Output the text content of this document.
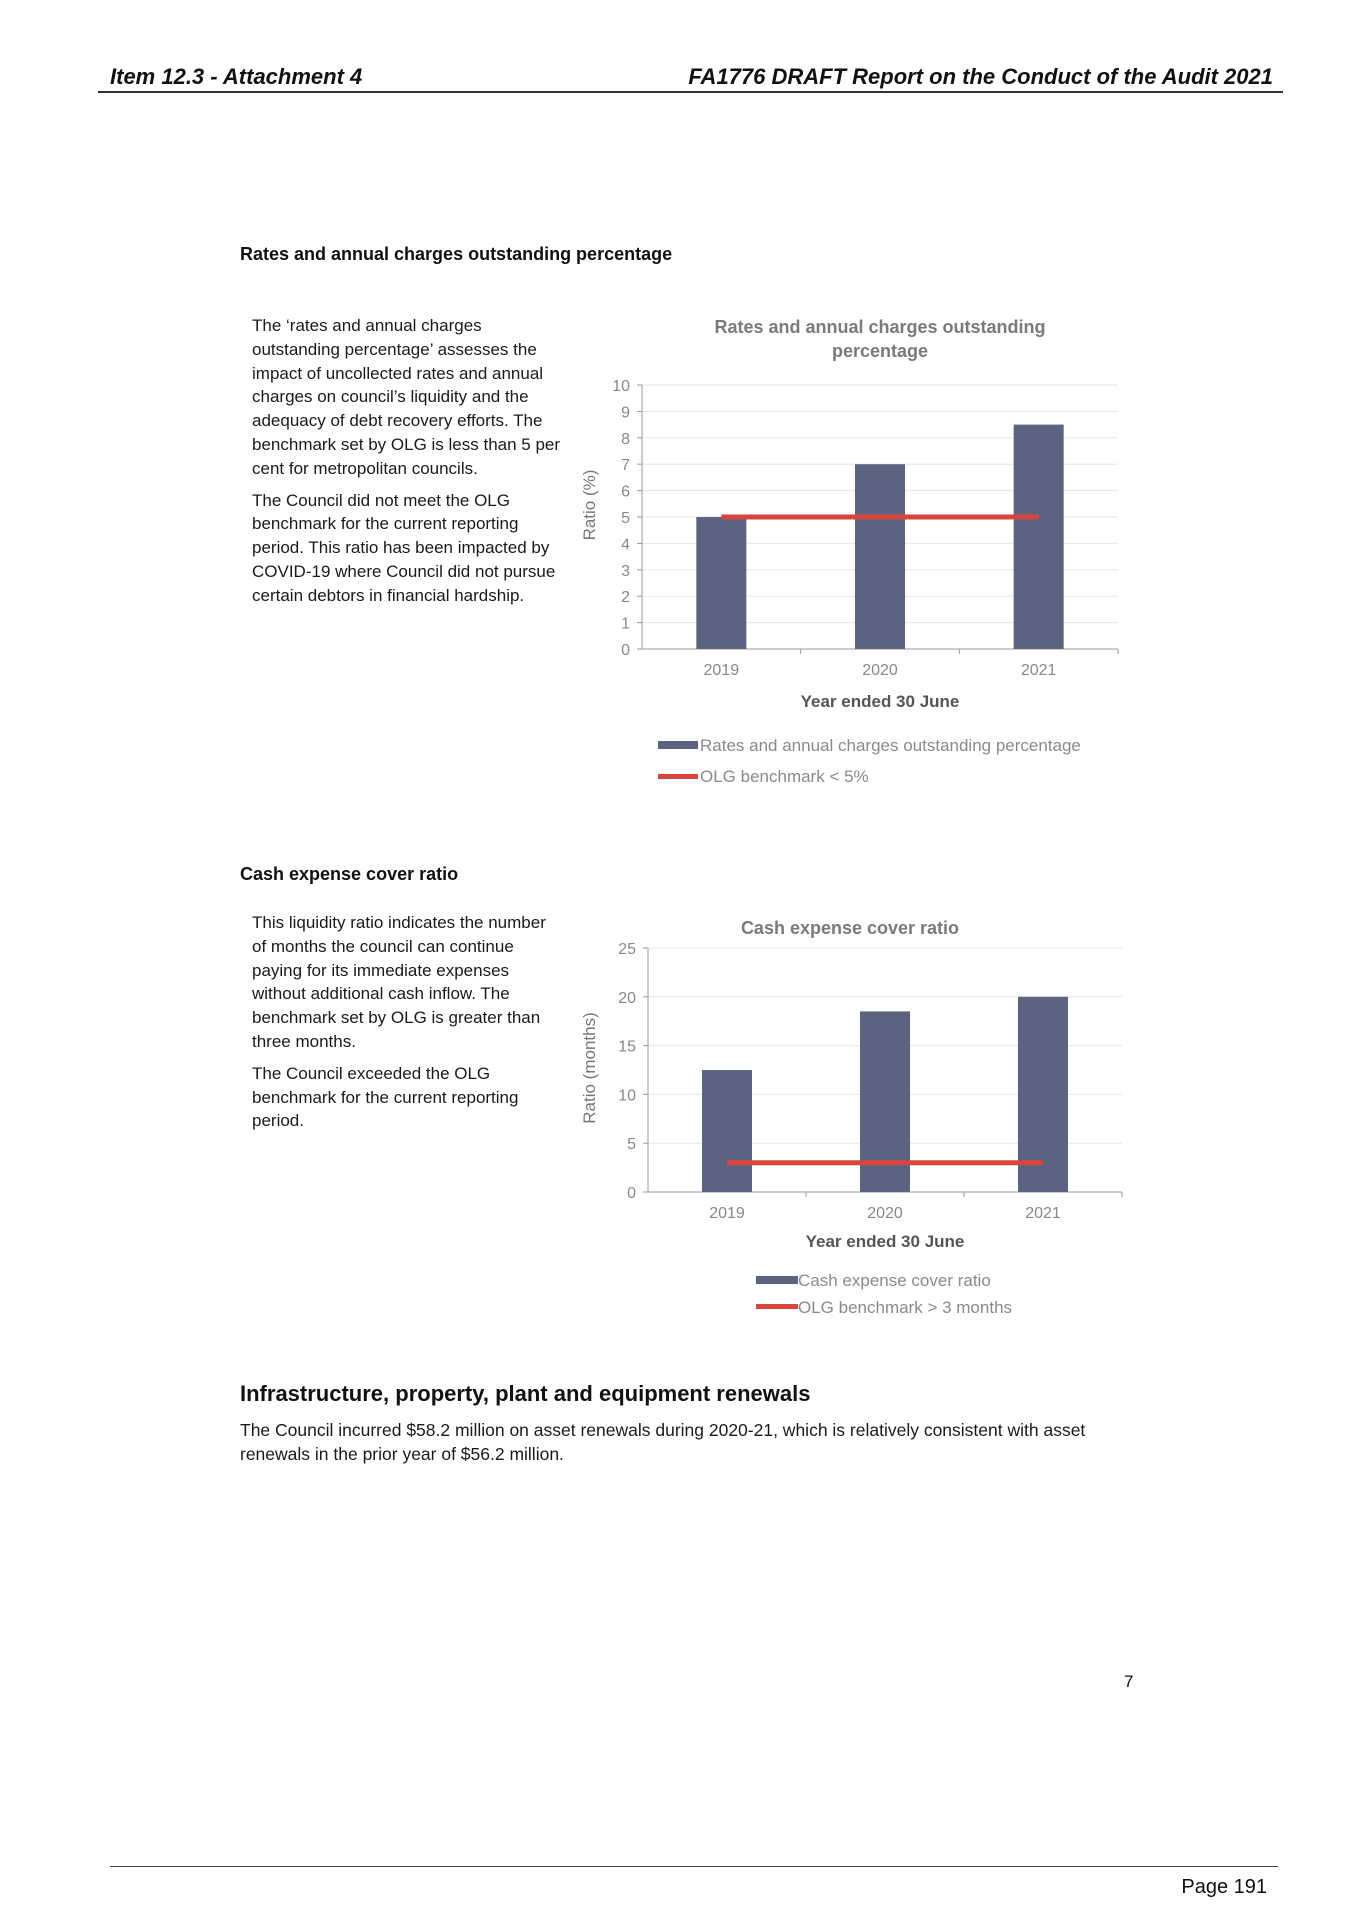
Item 12.3 - Attachment 4	FA1776 DRAFT Report on the Conduct of the Audit 2021
Rates and annual charges outstanding percentage

The ‘rates and annual charges outstanding percentage’ assesses the impact of uncollected rates and annual charges on council’s liquidity and the adequacy of debt recovery efforts. The benchmark set by OLG is less than 5 per cent for metropolitan councils.

The Council did not meet the OLG benchmark for the current reporting period. This ratio has been impacted by COVID-19 where Council did not pursue certain debtors in financial hardship.

Rates and annual charges outstanding
percentage
0
1
2
3
4
5
6
7
8
9
10
2019	2020	2021
Ratio (%)
Year ended 30 June
Rates and annual charges outstanding percentage
OLG benchmark < 5%
Cash expense cover ratio

This liquidity ratio indicates the number of months the council can continue paying for its immediate expenses without additional cash inflow. The benchmark set by OLG is greater than three months.

The Council exceeded the OLG benchmark for the current reporting period.

Cash expense cover ratio
0
5
10
15
20
25
2019	2020	2021
Ratio (months)
Year ended 30 June
Cash expense cover ratio
OLG benchmark > 3 months
Infrastructure, property, plant and equipment renewals
The Council incurred $58.2 million on asset renewals during 2020-21, which is relatively consistent with asset renewals in the prior year of $56.2 million.
7
Page 191
